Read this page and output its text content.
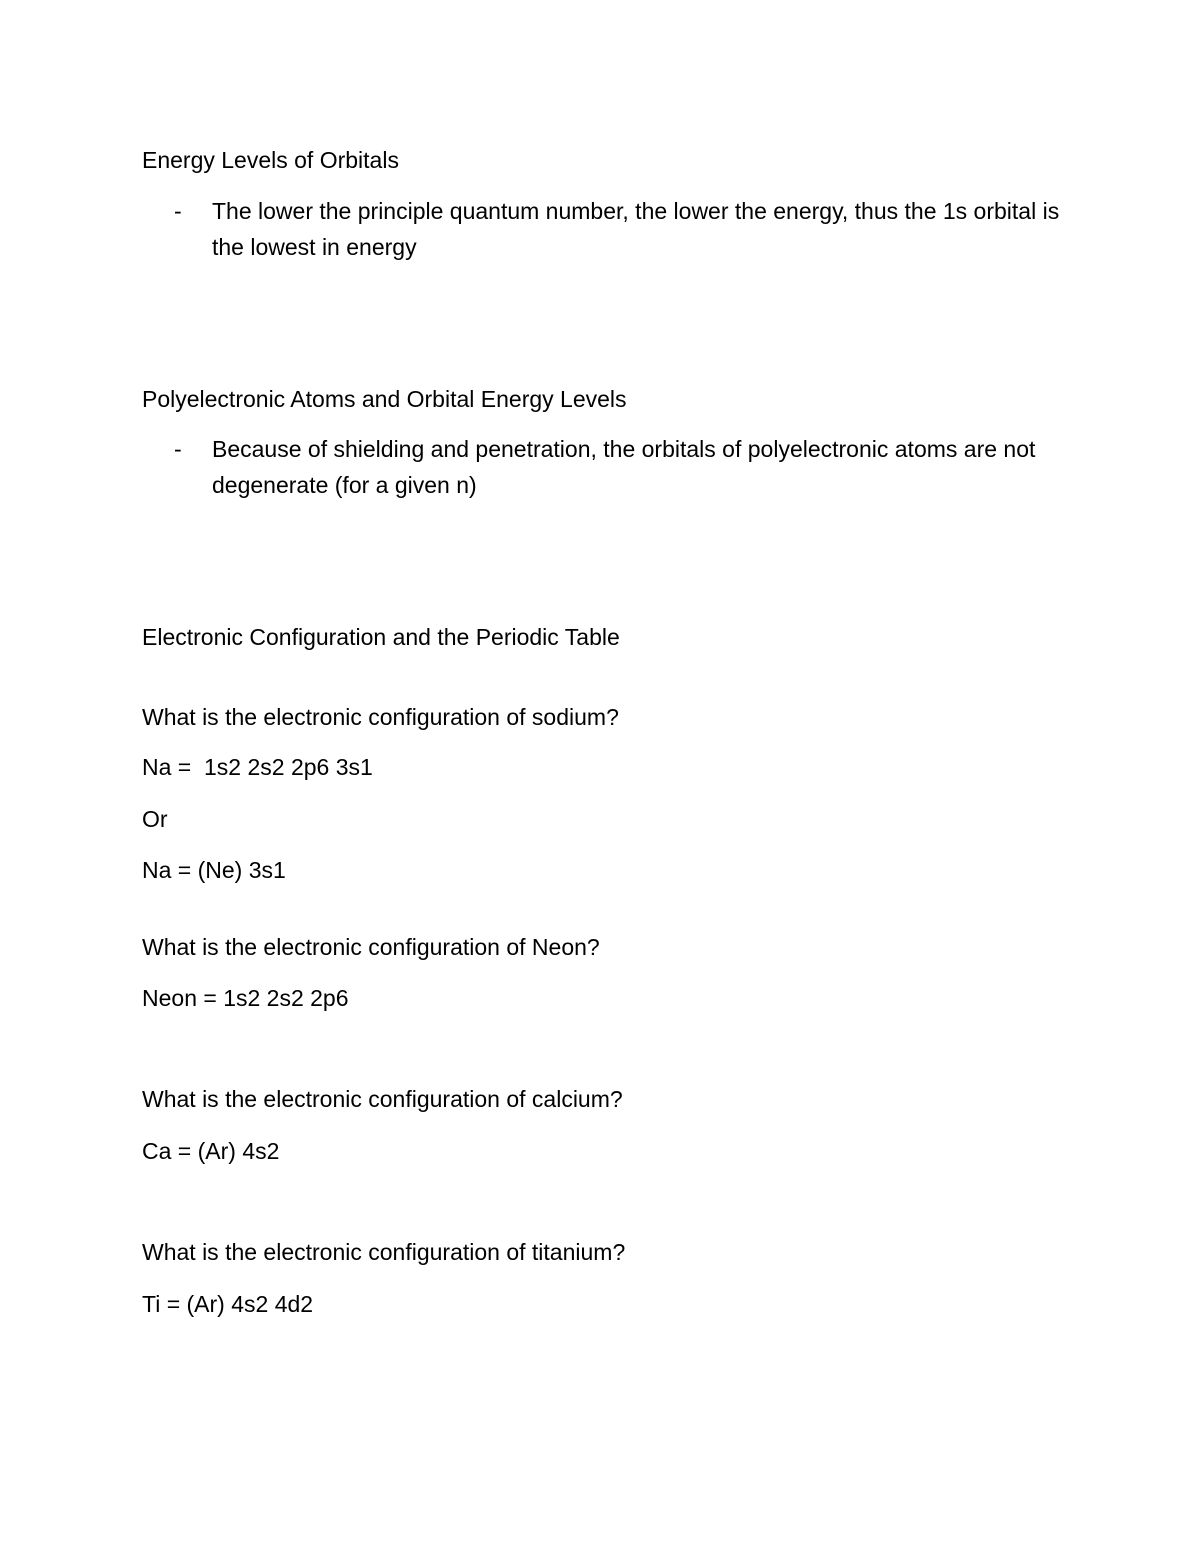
Energy Levels of Orbitals
-	The lower the principle quantum number, the lower the energy, thus the 1s orbital is the lowest in energy
Polyelectronic Atoms and Orbital Energy Levels
-	Because of shielding and penetration, the orbitals of polyelectronic atoms are not degenerate (for a given n)
Electronic Configuration and the Periodic Table
What is the electronic configuration of sodium?
Na =  1s2 2s2 2p6 3s1
Or
Na = (Ne) 3s1
What is the electronic configuration of Neon?
Neon = 1s2 2s2 2p6
What is the electronic configuration of calcium?
Ca = (Ar) 4s2
What is the electronic configuration of titanium?
Ti = (Ar) 4s2 4d2
